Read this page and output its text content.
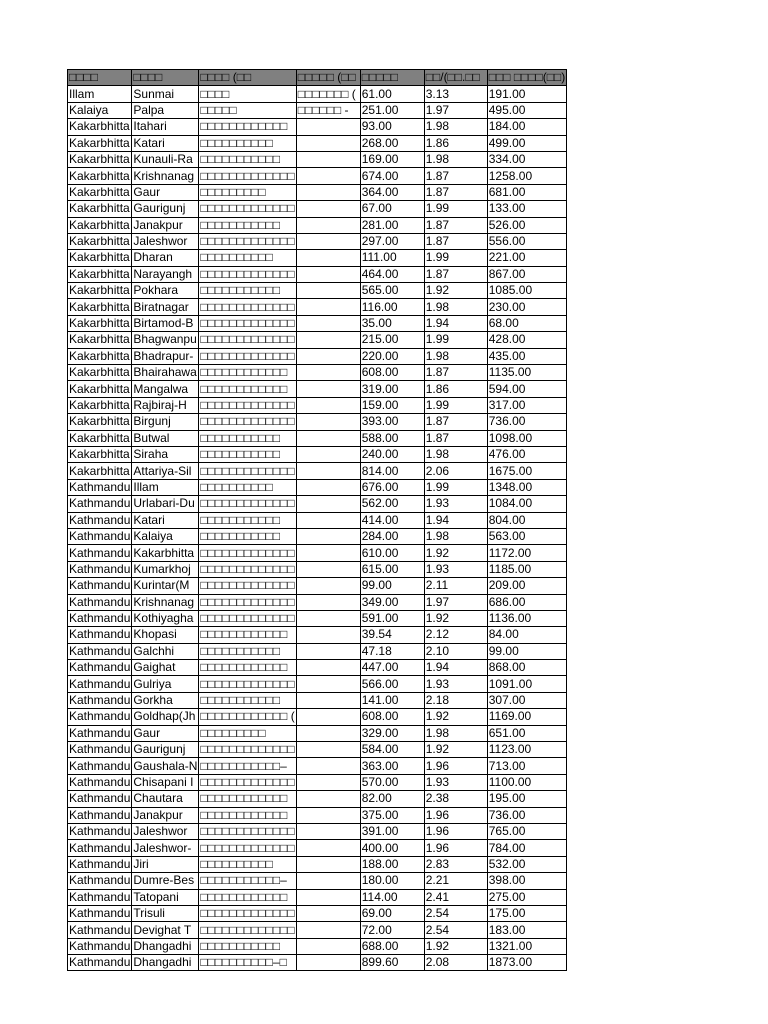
□□□□	□□□□	□□□□ (□□	□□□□□ (□□	□□□□□	□□/(□□.□□	□□□ □□□□(□□)
Illam	Sunmai	□□□□	□□□□□□□ (	61.00	3.13	191.00
Kalaiya	Palpa	□□□□□	□□□□□□ -	251.00	1.97	495.00
Kakarbhitta	Itahari	□□□□□□□□□□□□		93.00	1.98	184.00
Kakarbhitta	Katari	□□□□□□□□□□		268.00	1.86	499.00
Kakarbhitta	Kunauli-Ra	□□□□□□□□□□□		169.00	1.98	334.00
Kakarbhitta	Krishnanag	□□□□□□□□□□□□□		674.00	1.87	1258.00
Kakarbhitta	Gaur	□□□□□□□□□		364.00	1.87	681.00
Kakarbhitta	Gaurigunj	□□□□□□□□□□□□□		67.00	1.99	133.00
Kakarbhitta	Janakpur	□□□□□□□□□□□		281.00	1.87	526.00
Kakarbhitta	Jaleshwor	□□□□□□□□□□□□□		297.00	1.87	556.00
Kakarbhitta	Dharan	□□□□□□□□□□		111.00	1.99	221.00
Kakarbhitta	Narayangh	□□□□□□□□□□□□□		464.00	1.87	867.00
Kakarbhitta	Pokhara	□□□□□□□□□□□		565.00	1.92	1085.00
Kakarbhitta	Biratnagar	□□□□□□□□□□□□□		116.00	1.98	230.00
Kakarbhitta	Birtamod-B	□□□□□□□□□□□□□		35.00	1.94	68.00
Kakarbhitta	Bhagwanpu	□□□□□□□□□□□□□		215.00	1.99	428.00
Kakarbhitta	Bhadrapur-	□□□□□□□□□□□□□		220.00	1.98	435.00
Kakarbhitta	Bhairahawa	□□□□□□□□□□□□		608.00	1.87	1135.00
Kakarbhitta	Mangalwa	□□□□□□□□□□□□		319.00	1.86	594.00
Kakarbhitta	Rajbiraj-H	□□□□□□□□□□□□□		159.00	1.99	317.00
Kakarbhitta	Birgunj	□□□□□□□□□□□□□		393.00	1.87	736.00
Kakarbhitta	Butwal	□□□□□□□□□□□		588.00	1.87	1098.00
Kakarbhitta	Siraha	□□□□□□□□□□□		240.00	1.98	476.00
Kakarbhitta	Attariya-Sil	□□□□□□□□□□□□□		814.00	2.06	1675.00
Kathmandu	Illam	□□□□□□□□□□		676.00	1.99	1348.00
Kathmandu	Urlabari-Du	□□□□□□□□□□□□□		562.00	1.93	1084.00
Kathmandu	Katari	□□□□□□□□□□□		414.00	1.94	804.00
Kathmandu	Kalaiya	□□□□□□□□□□□		284.00	1.98	563.00
Kathmandu	Kakarbhitta	□□□□□□□□□□□□□		610.00	1.92	1172.00
Kathmandu	Kumarkhoj	□□□□□□□□□□□□□		615.00	1.93	1185.00
Kathmandu	Kurintar(M	□□□□□□□□□□□□□		99.00	2.11	209.00
Kathmandu	Krishnanag	□□□□□□□□□□□□□		349.00	1.97	686.00
Kathmandu	Kothiyagha	□□□□□□□□□□□□□		591.00	1.92	1136.00
Kathmandu	Khopasi	□□□□□□□□□□□□		39.54	2.12	84.00
Kathmandu	Galchhi	□□□□□□□□□□□		47.18	2.10	99.00
Kathmandu	Gaighat	□□□□□□□□□□□□		447.00	1.94	868.00
Kathmandu	Gulriya	□□□□□□□□□□□□□		566.00	1.93	1091.00
Kathmandu	Gorkha	□□□□□□□□□□□		141.00	2.18	307.00
Kathmandu	Goldhap(Jh	□□□□□□□□□□□□ (		608.00	1.92	1169.00
Kathmandu	Gaur	□□□□□□□□□		329.00	1.98	651.00
Kathmandu	Gaurigunj	□□□□□□□□□□□□□		584.00	1.92	1123.00
Kathmandu	Gaushala-N	□□□□□□□□□□□–		363.00	1.96	713.00
Kathmandu	Chisapani I	□□□□□□□□□□□□□		570.00	1.93	1100.00
Kathmandu	Chautara	□□□□□□□□□□□□		82.00	2.38	195.00
Kathmandu	Janakpur	□□□□□□□□□□□□		375.00	1.96	736.00
Kathmandu	Jaleshwor	□□□□□□□□□□□□□		391.00	1.96	765.00
Kathmandu	Jaleshwor-	□□□□□□□□□□□□□		400.00	1.96	784.00
Kathmandu	Jiri	□□□□□□□□□□		188.00	2.83	532.00
Kathmandu	Dumre-Bes	□□□□□□□□□□□–		180.00	2.21	398.00
Kathmandu	Tatopani	□□□□□□□□□□□□		114.00	2.41	275.00
Kathmandu	Trisuli	□□□□□□□□□□□□□		69.00	2.54	175.00
Kathmandu	Devighat T	□□□□□□□□□□□□□		72.00	2.54	183.00
Kathmandu	Dhangadhi	□□□□□□□□□□□		688.00	1.92	1321.00
Kathmandu	Dhangadhi	□□□□□□□□□□–□		899.60	2.08	1873.00
